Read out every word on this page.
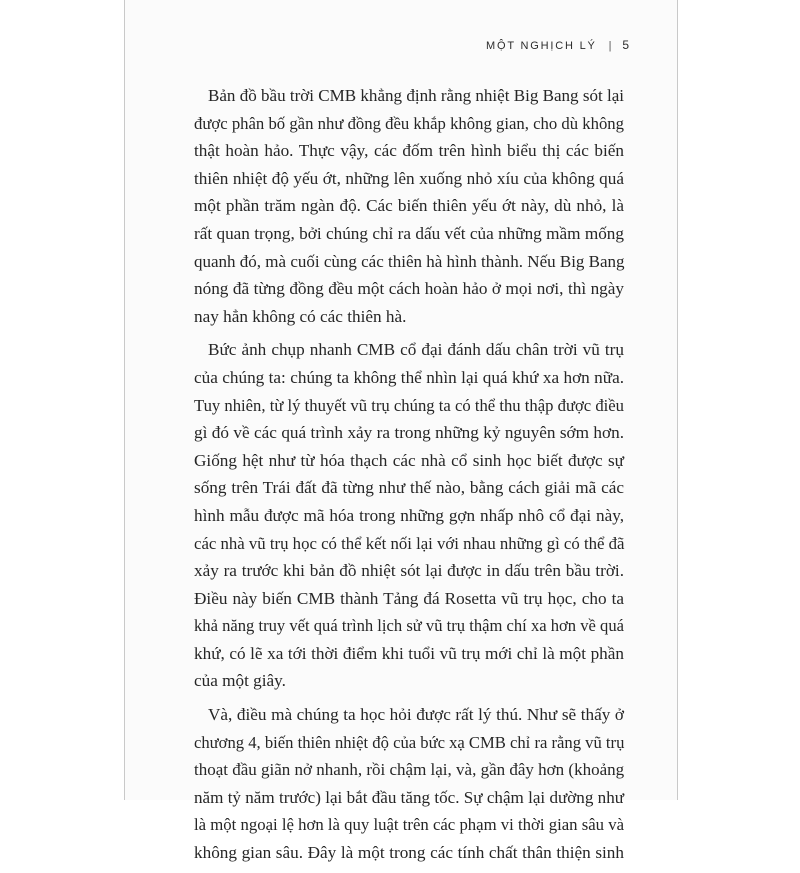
MỘT NGHỊCH LÝ | 5
Bản đồ bầu trời CMB khẳng định rằng nhiệt Big Bang sót lại
được phân bố gần như đồng đều khắp không gian, cho dù không
thật hoàn hảo. Thực vậy, các đốm trên hình biểu thị các biến
thiên nhiệt độ yếu ớt, những lên xuống nhỏ xíu của không quá
một phần trăm ngàn độ. Các biến thiên yếu ớt này, dù nhỏ, là
rất quan trọng, bởi chúng chỉ ra dấu vết của những mầm mống
quanh đó, mà cuối cùng các thiên hà hình thành. Nếu Big Bang
nóng đã từng đồng đều một cách hoàn hảo ở mọi nơi, thì ngày
nay hẳn không có các thiên hà.
Bức ảnh chụp nhanh CMB cổ đại đánh dấu chân trời vũ trụ
của chúng ta: chúng ta không thể nhìn lại quá khứ xa hơn nữa.
Tuy nhiên, từ lý thuyết vũ trụ chúng ta có thể thu thập được điều
gì đó về các quá trình xảy ra trong những kỷ nguyên sớm hơn.
Giống hệt như từ hóa thạch các nhà cổ sinh học biết được sự
sống trên Trái đất đã từng như thế nào, bằng cách giải mã các
hình mẫu được mã hóa trong những gợn nhấp nhô cổ đại này,
các nhà vũ trụ học có thể kết nối lại với nhau những gì có thể đã
xảy ra trước khi bản đồ nhiệt sót lại được in dấu trên bầu trời.
Điều này biến CMB thành Tảng đá Rosetta vũ trụ học, cho ta
khả năng truy vết quá trình lịch sử vũ trụ thậm chí xa hơn về quá
khứ, có lẽ xa tới thời điểm khi tuổi vũ trụ mới chỉ là một phần
của một giây.
Và, điều mà chúng ta học hỏi được rất lý thú. Như sẽ thấy ở
chương 4, biến thiên nhiệt độ của bức xạ CMB chỉ ra rằng vũ trụ
thoạt đầu giãn nở nhanh, rồi chậm lại, và, gần đây hơn (khoảng
năm tỷ năm trước) lại bắt đầu tăng tốc. Sự chậm lại dường như
là một ngoại lệ hơn là quy luật trên các phạm vi thời gian sâu và
không gian sâu. Đây là một trong các tính chất thân thiện sinh
